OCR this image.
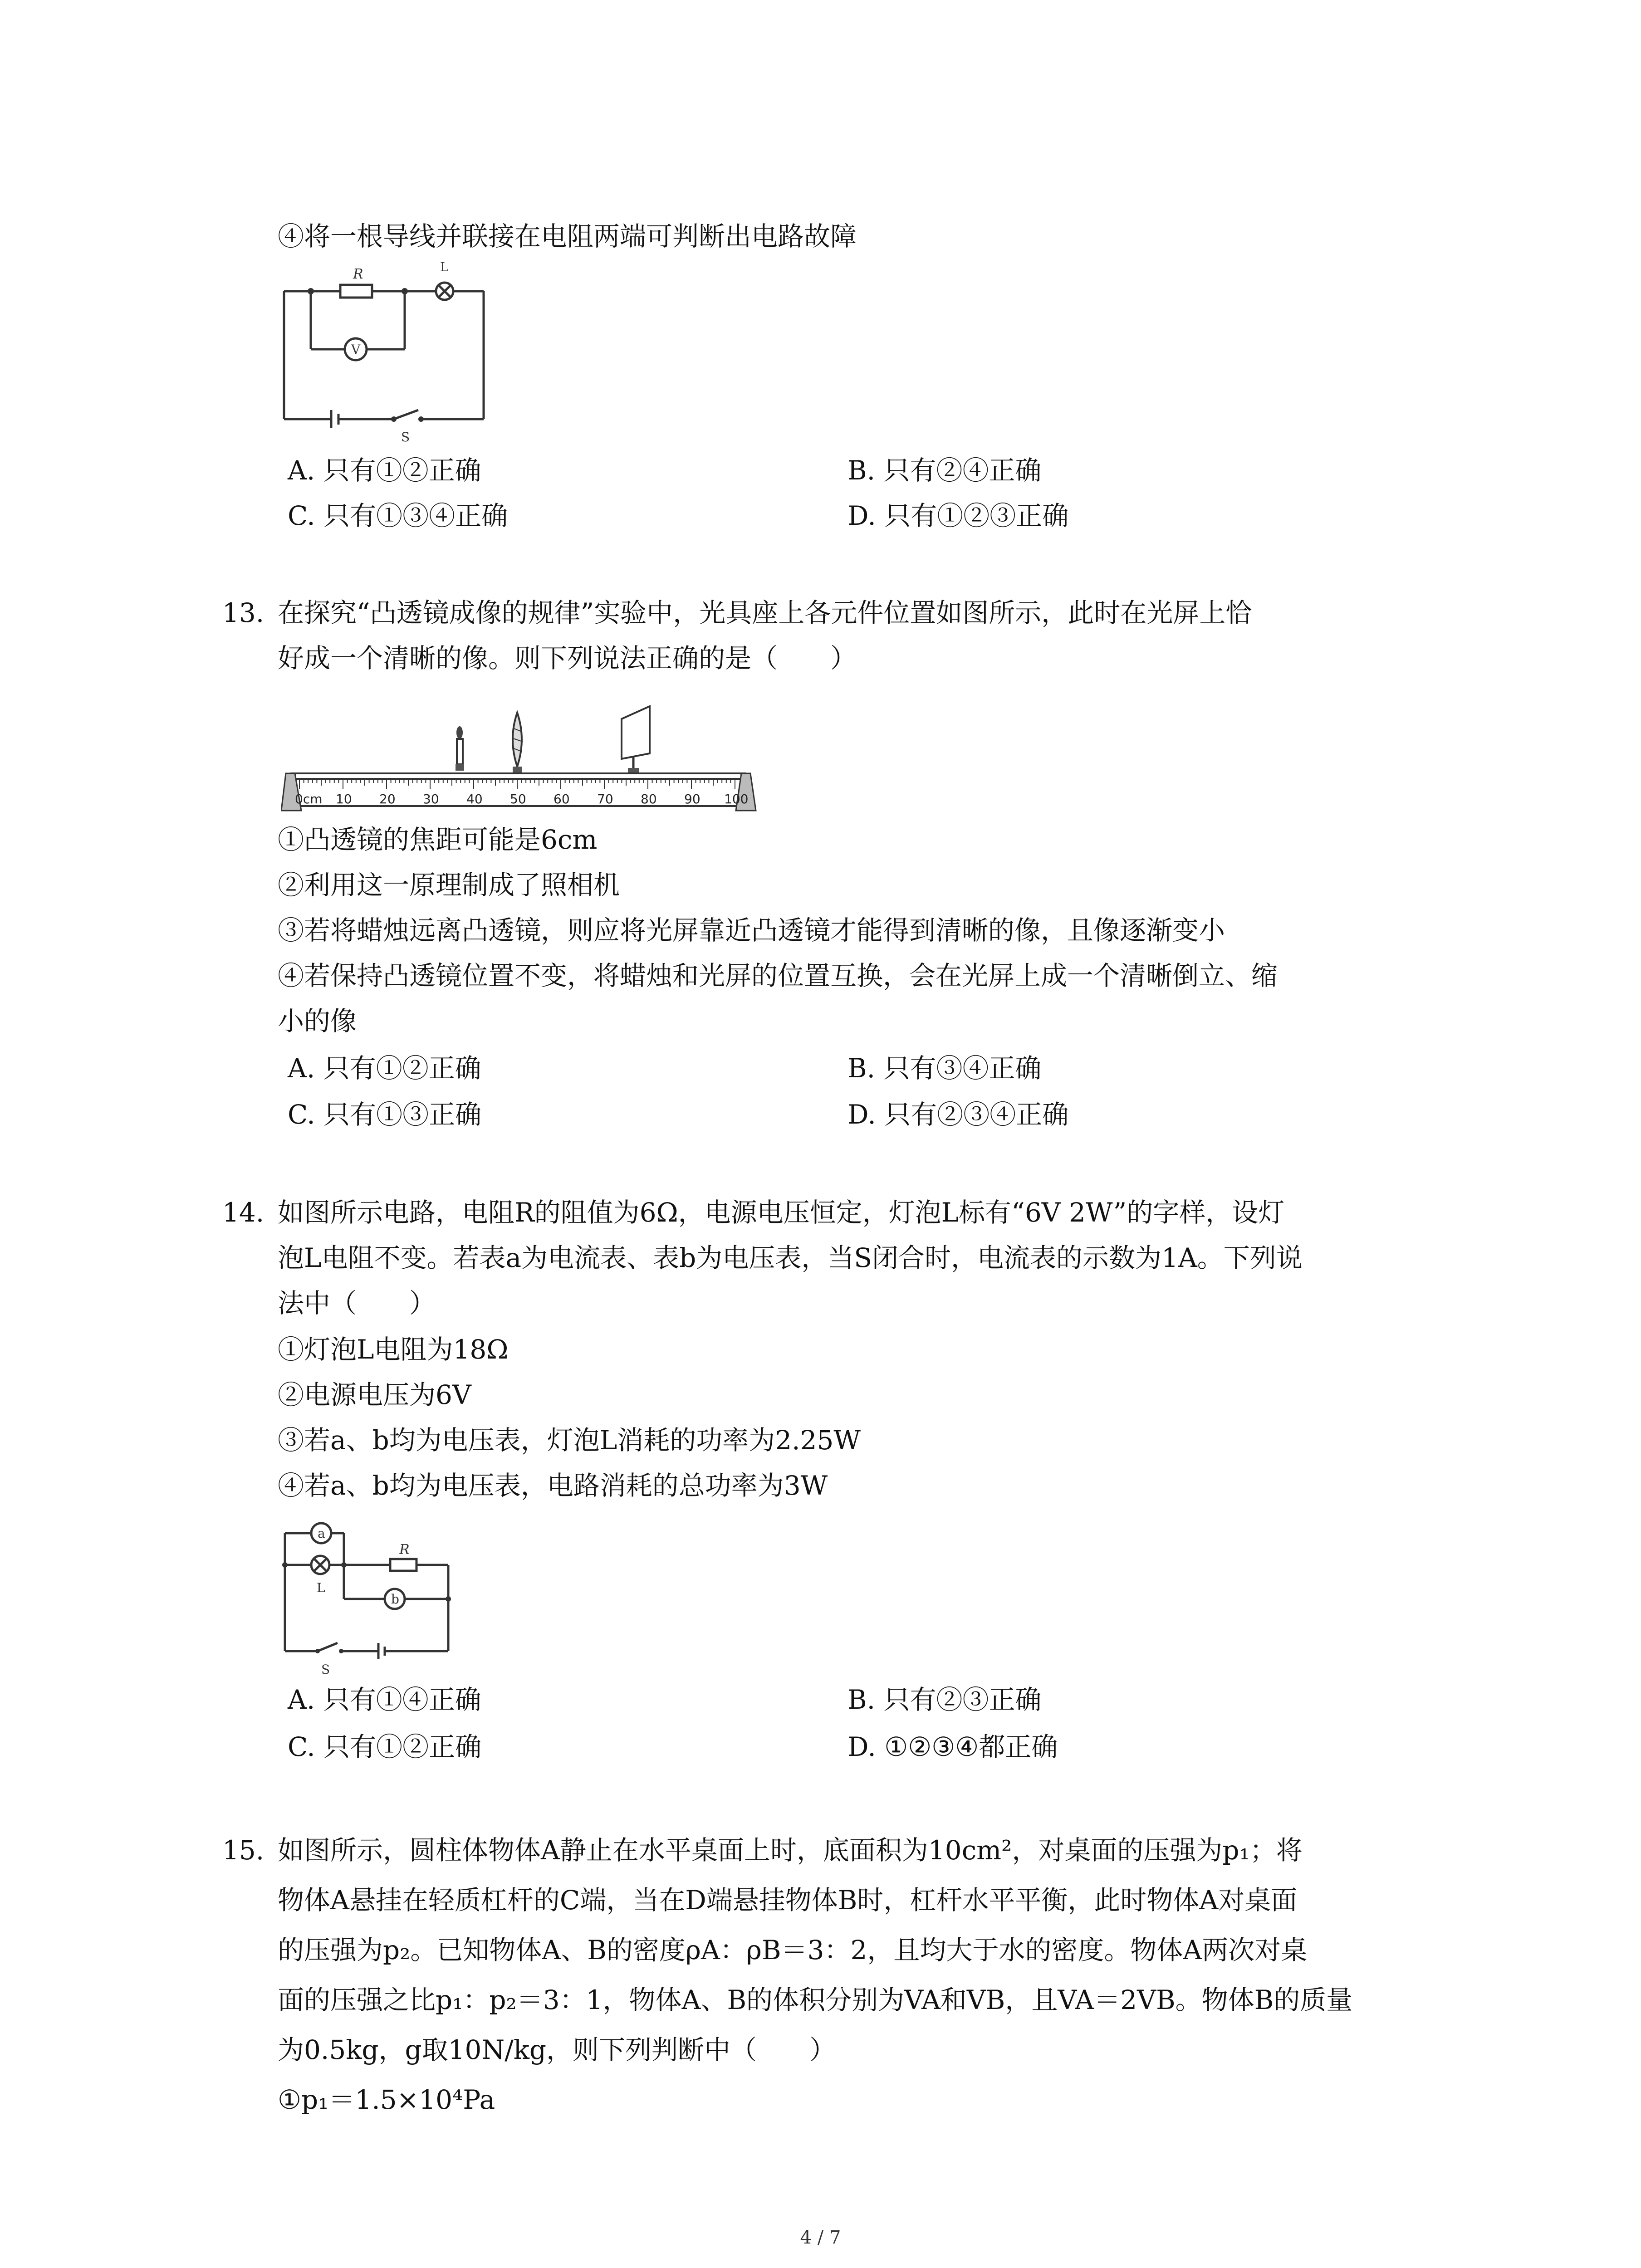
④将一根导线并联接在电阻两端可判断出电路故障
R	L
V
S
A. 只有①②正确	B. 只有②④正确
C. 只有①③④正确	D. 只有①②③正确
13. 在探究“凸透镜成像的规律”实验中，光具座上各元件位置如图所示，此时在光屏上恰
好成一个清晰的像。则下列说法正确的是（　　）
0cm 10 20 30 40 50 60 70 80 90 100
①凸透镜的焦距可能是6cm
②利用这一原理制成了照相机
③若将蜡烛远离凸透镜，则应将光屏靠近凸透镜才能得到清晰的像，且像逐渐变小
④若保持凸透镜位置不变，将蜡烛和光屏的位置互换，会在光屏上成一个清晰倒立、缩
小的像
A. 只有①②正确	B. 只有③④正确
C. 只有①③正确	D. 只有②③④正确
14. 如图所示电路，电阻R的阻值为6Ω，电源电压恒定，灯泡L标有“6V 2W”的字样，设灯
泡L电阻不变。若表a为电流表、表b为电压表，当S闭合时，电流表的示数为1A。下列说
法中（　　）
①灯泡L电阻为18Ω
②电源电压为6V
③若a、b均为电压表，灯泡L消耗的功率为2.25W
④若a、b均为电压表，电路消耗的总功率为3W
a
b
R
L
S
A. 只有①④正确	B. 只有②③正确
C. 只有①②正确	D. ①②③④都正确
15. 如图所示，圆柱体物体A静止在水平桌面上时，底面积为10cm²，对桌面的压强为p₁；将
物体A悬挂在轻质杠杆的C端，当在D端悬挂物体B时，杠杆水平平衡，此时物体A对桌面
的压强为p₂。已知物体A、B的密度ρA：ρB＝3：2，且均大于水的密度。物体A两次对桌
面的压强之比p₁：p₂＝3：1，物体A、B的体积分别为VA和VB，且VA＝2VB。物体B的质量
为0.5kg，g取10N/kg，则下列判断中（　　）
①p₁＝1.5×10⁴Pa
4 / 7
